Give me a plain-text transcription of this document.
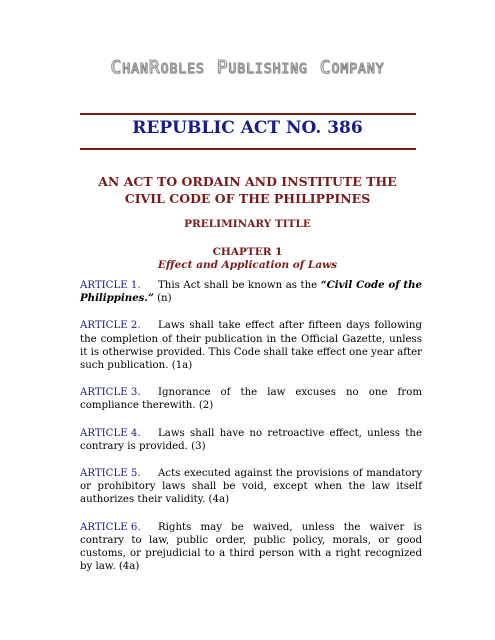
ChanRobles Publishing Company
REPUBLIC ACT NO. 386
AN ACT TO ORDAIN AND INSTITUTE THE
CIVIL CODE OF THE PHILIPPINES
PRELIMINARY TITLE
CHAPTER 1
Effect and Application of Laws

ARTICLE 1. This Act shall be known as the “Civil Code of the Philippines.” (n)

ARTICLE 2. Laws shall take effect after fifteen days following the completion of their publication in the Official Gazette, unless it is otherwise provided. This Code shall take effect one year after such publication. (1a)

ARTICLE 3. Ignorance of the law excuses no one from compliance therewith. (2)

ARTICLE 4. Laws shall have no retroactive effect, unless the contrary is provided. (3)

ARTICLE 5. Acts executed against the provisions of mandatory or prohibitory laws shall be void, except when the law itself authorizes their validity. (4a)

ARTICLE 6. Rights may be waived, unless the waiver is contrary to law, public order, public policy, morals, or good customs, or prejudicial to a third person with a right recognized by law. (4a)
